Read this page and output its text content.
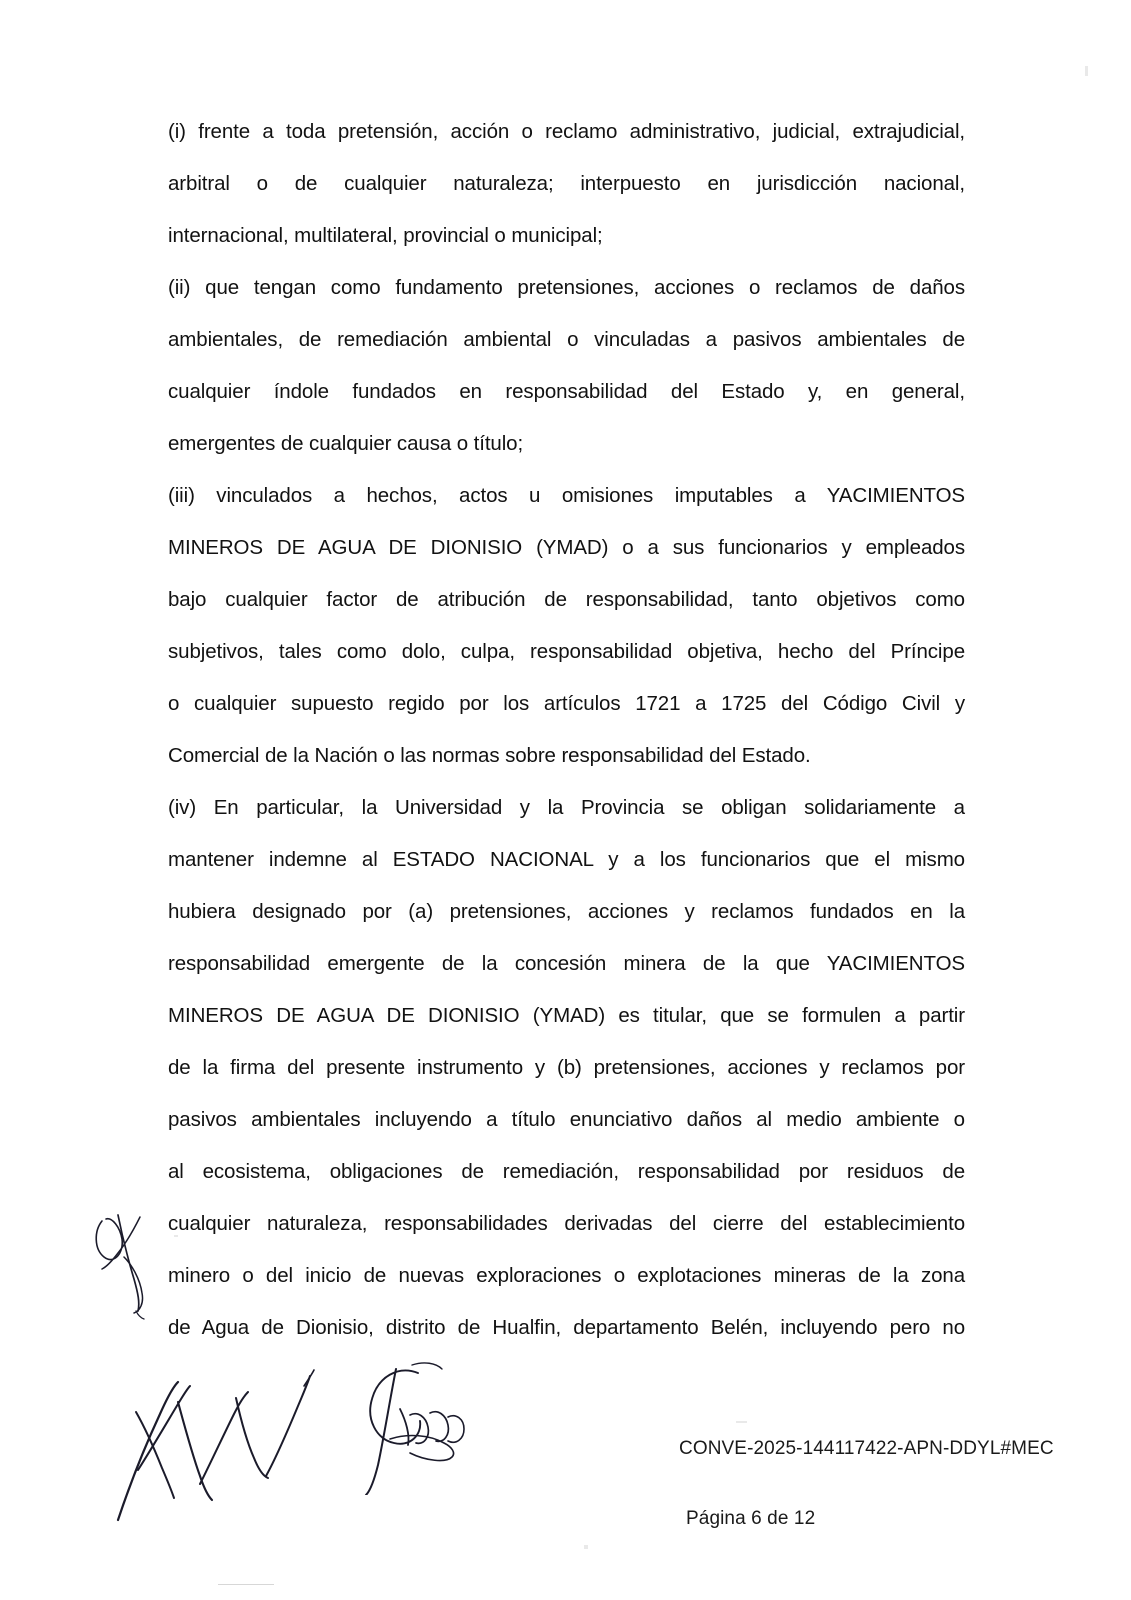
(i) frente a toda pretensión, acción o reclamo administrativo, judicial, extrajudicial,
arbitral o de cualquier naturaleza; interpuesto en jurisdicción nacional,
internacional, multilateral, provincial o municipal;
(ii) que tengan como fundamento pretensiones, acciones o reclamos de daños
ambientales, de remediación ambiental o vinculadas a pasivos ambientales de
cualquier índole fundados en responsabilidad del Estado y, en general,
emergentes de cualquier causa o título;
(iii) vinculados a hechos, actos u omisiones imputables a YACIMIENTOS
MINEROS DE AGUA DE DIONISIO (YMAD) o a sus funcionarios y empleados
bajo cualquier factor de atribución de responsabilidad, tanto objetivos como
subjetivos, tales como dolo, culpa, responsabilidad objetiva, hecho del Príncipe
o cualquier supuesto regido por los artículos 1721 a 1725 del Código Civil y
Comercial de la Nación o las normas sobre responsabilidad del Estado.
(iv) En particular, la Universidad y la Provincia se obligan solidariamente a
mantener indemne al ESTADO NACIONAL y a los funcionarios que el mismo
hubiera designado por (a) pretensiones, acciones y reclamos fundados en la
responsabilidad emergente de la concesión minera de la que YACIMIENTOS
MINEROS DE AGUA DE DIONISIO (YMAD) es titular, que se formulen a partir
de la firma del presente instrumento y (b) pretensiones, acciones y reclamos por
pasivos ambientales incluyendo a título enunciativo daños al medio ambiente o
al ecosistema, obligaciones de remediación, responsabilidad por residuos de
cualquier naturaleza, responsabilidades derivadas del cierre del establecimiento
minero o del inicio de nuevas exploraciones o explotaciones mineras de la zona
de Agua de Dionisio, distrito de Hualfin, departamento Belén, incluyendo pero no
CONVE-2025-144117422-APN-DDYL#MEC
Página 6 de 12
